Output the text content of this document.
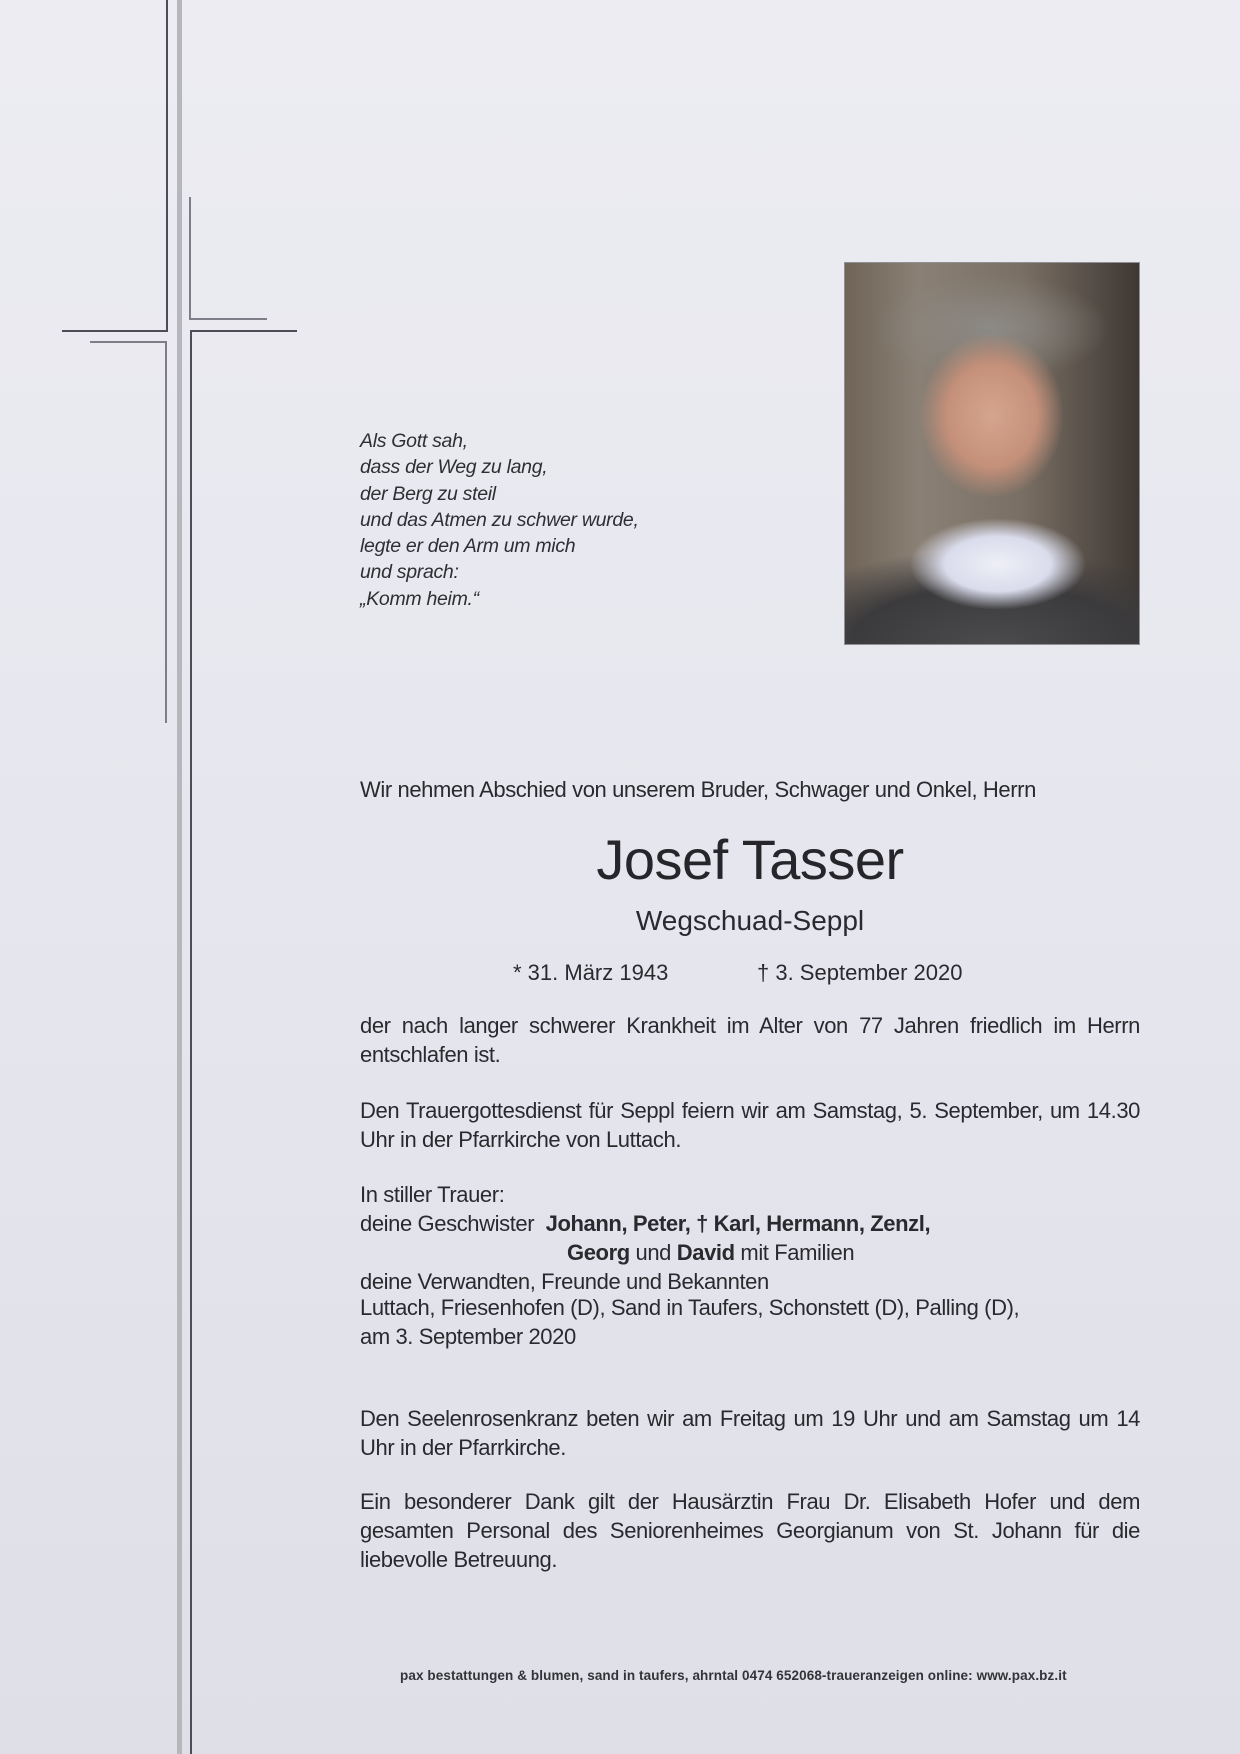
Als Gott sah,
dass der Weg zu lang,
der Berg zu steil
und das Atmen zu schwer wurde,
legte er den Arm um mich
und sprach:
„Komm heim.“
Wir nehmen Abschied von unserem Bruder, Schwager und Onkel, Herrn
Josef Tasser
Wegschuad-Seppl
* 31. März 1943	† 3. September 2020
der nach langer schwerer Krankheit im Alter von 77 Jahren friedlich im Herrn entschlafen ist.
Den Trauergottesdienst für Seppl feiern wir am Samstag, 5. September, um 14.30 Uhr in der Pfarrkirche von Luttach.
In stiller Trauer:
deine Geschwister Johann, Peter, † Karl, Hermann, Zenzl,
Georg und David mit Familien
deine Verwandten, Freunde und Bekannten
Luttach, Friesenhofen (D), Sand in Taufers, Schonstett (D), Palling (D),
am 3. September 2020
Den Seelenrosenkranz beten wir am Freitag um 19 Uhr und am Samstag um 14 Uhr in der Pfarrkirche.
Ein besonderer Dank gilt der Hausärztin Frau Dr. Elisabeth Hofer und dem gesamten Personal des Seniorenheimes Georgianum von St. Johann für die liebevolle Betreuung.
pax bestattungen & blumen, sand in taufers, ahrntal 0474 652068-traueranzeigen online: www.pax.bz.it
